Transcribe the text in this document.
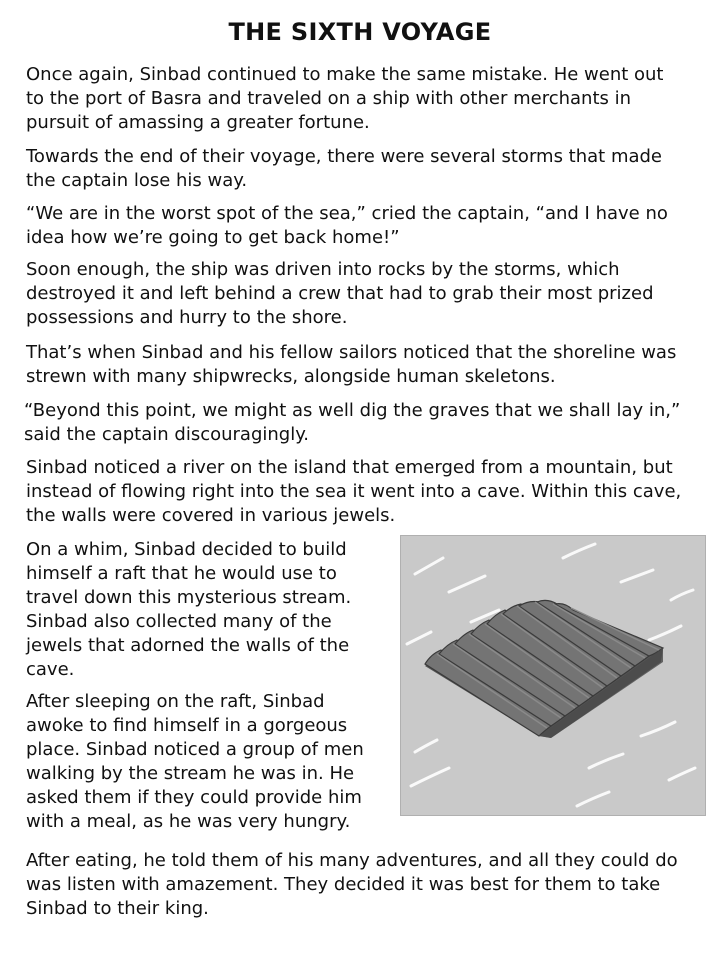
THE SIXTH VOYAGE

Once again, Sinbad continued to make the same mistake. He went out to the port of Basra and traveled on a ship with other merchants in pursuit of amassing a greater fortune.

Towards the end of their voyage, there were several storms that made the captain lose his way.

“We are in the worst spot of the sea,” cried the captain, “and I have no idea how we’re going to get back home!”

Soon enough, the ship was driven into rocks by the storms, which destroyed it and left behind a crew that had to grab their most prized possessions and hurry to the shore.

That’s when Sinbad and his fellow sailors noticed that the shoreline was strewn with many shipwrecks, alongside human skeletons.

“Beyond this point, we might as well dig the graves that we shall lay in,” said the captain discouragingly.

Sinbad noticed a river on the island that emerged from a mountain, but instead of flowing right into the sea it went into a cave. Within this cave, the walls were covered in various jewels.

On a whim, Sinbad decided to build himself a raft that he would use to travel down this mysterious stream. Sinbad also collected many of the jewels that adorned the walls of the cave.

After sleeping on the raft, Sinbad awoke to find himself in a gorgeous place. Sinbad noticed a group of men walking by the stream he was in. He asked them if they could provide him with a meal, as he was very hungry.

After eating, he told them of his many adventures, and all they could do was listen with amazement. They decided it was best for them to take Sinbad to their king.
